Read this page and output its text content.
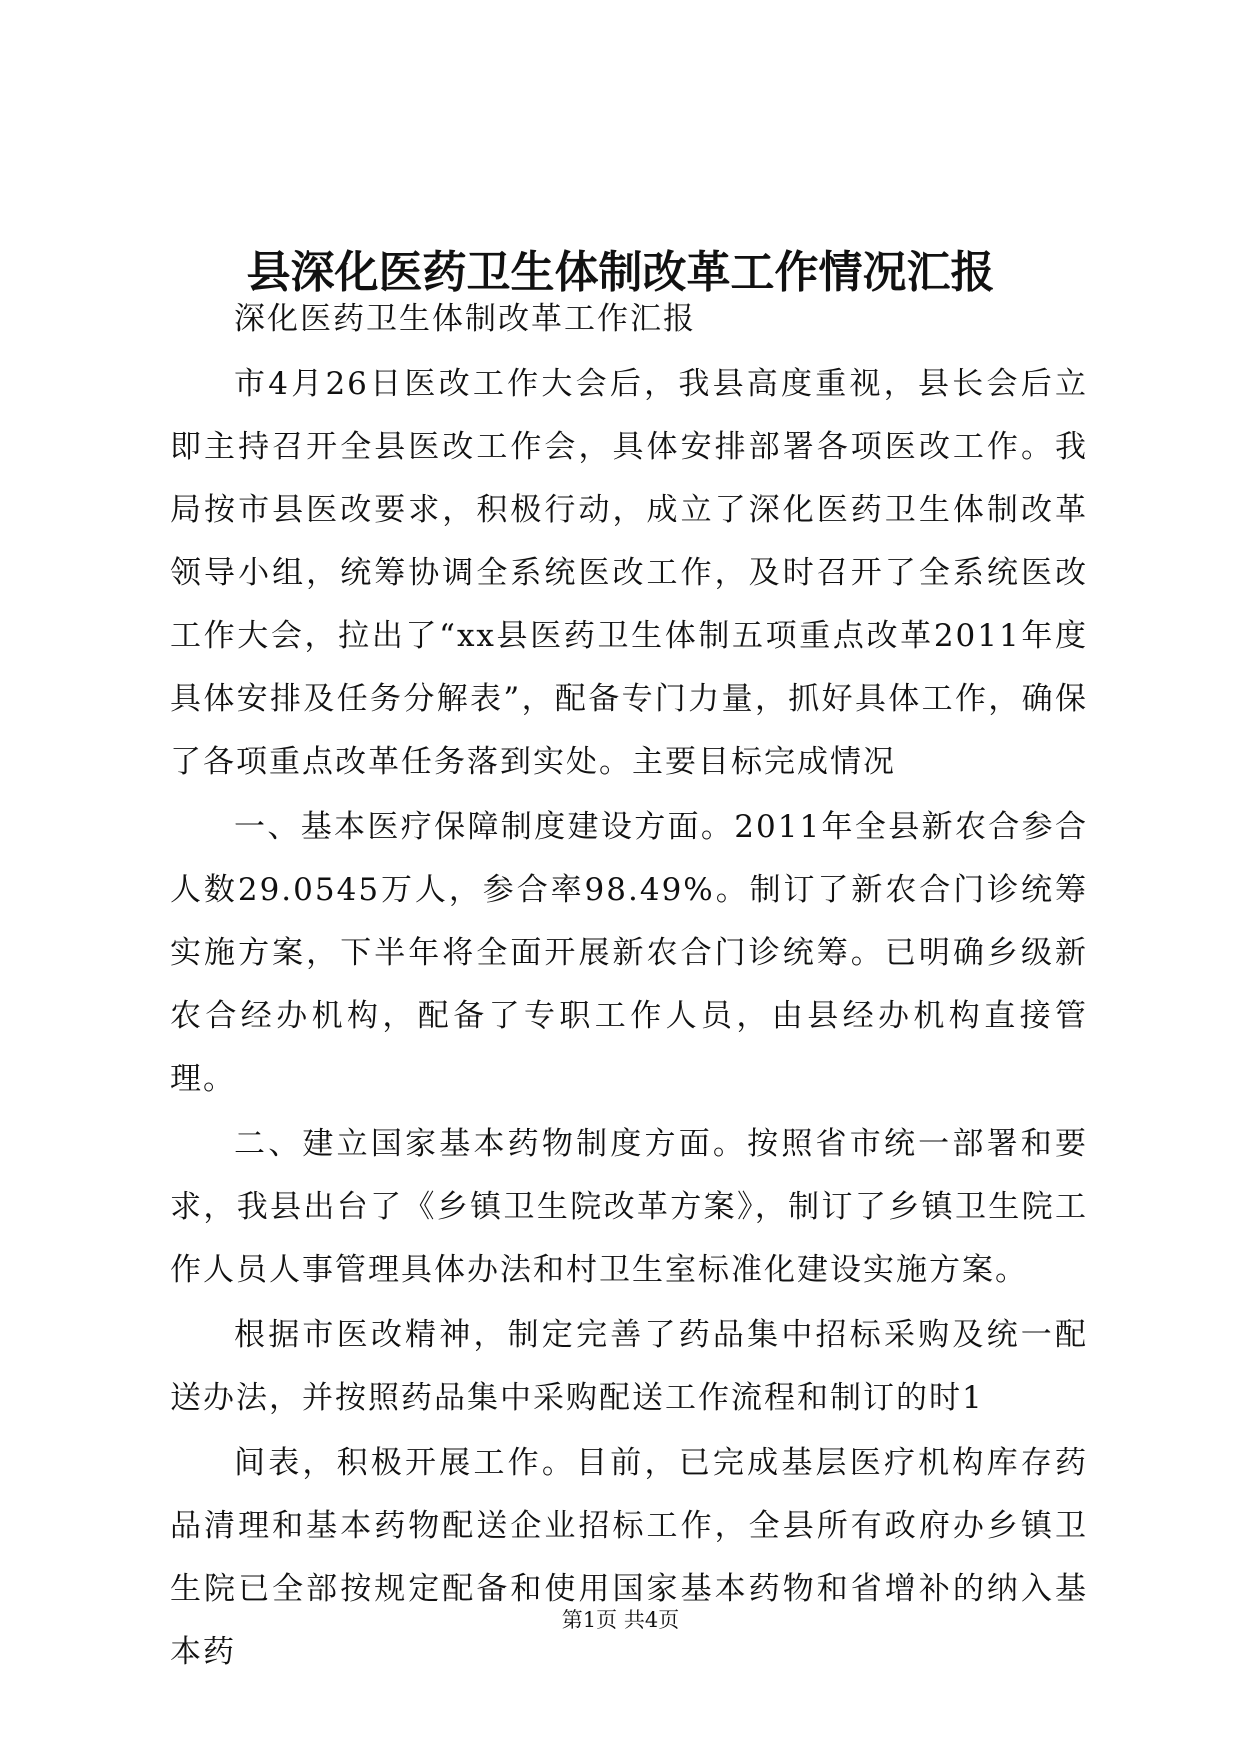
县深化医药卫生体制改革工作情况汇报

深化医药卫生体制改革工作汇报

市4月26日医改工作大会后，我县高度重视，县长会后立即主持召开全县医改工作会，具体安排部署各项医改工作。我局按市县医改要求，积极行动，成立了深化医药卫生体制改革领导小组，统筹协调全系统医改工作，及时召开了全系统医改工作大会，拉出了“xx县医药卫生体制五项重点改革2011年度具体安排及任务分解表”，配备专门力量，抓好具体工作，确保了各项重点改革任务落到实处。主要目标完成情况

一、基本医疗保障制度建设方面。2011年全县新农合参合人数29.0545万人，参合率98.49%。制订了新农合门诊统筹实施方案，下半年将全面开展新农合门诊统筹。已明确乡级新农合经办机构，配备了专职工作人员，由县经办机构直接管理。

二、建立国家基本药物制度方面。按照省市统一部署和要求，我县出台了《乡镇卫生院改革方案》，制订了乡镇卫生院工作人员人事管理具体办法和村卫生室标准化建设实施方案。

根据市医改精神，制定完善了药品集中招标采购及统一配送办法，并按照药品集中采购配送工作流程和制订的时1

间表，积极开展工作。目前，已完成基层医疗机构库存药品清理和基本药物配送企业招标工作，全县所有政府办乡镇卫生院已全部按规定配备和使用国家基本药物和省增补的纳入基本药

第1页 共4页
